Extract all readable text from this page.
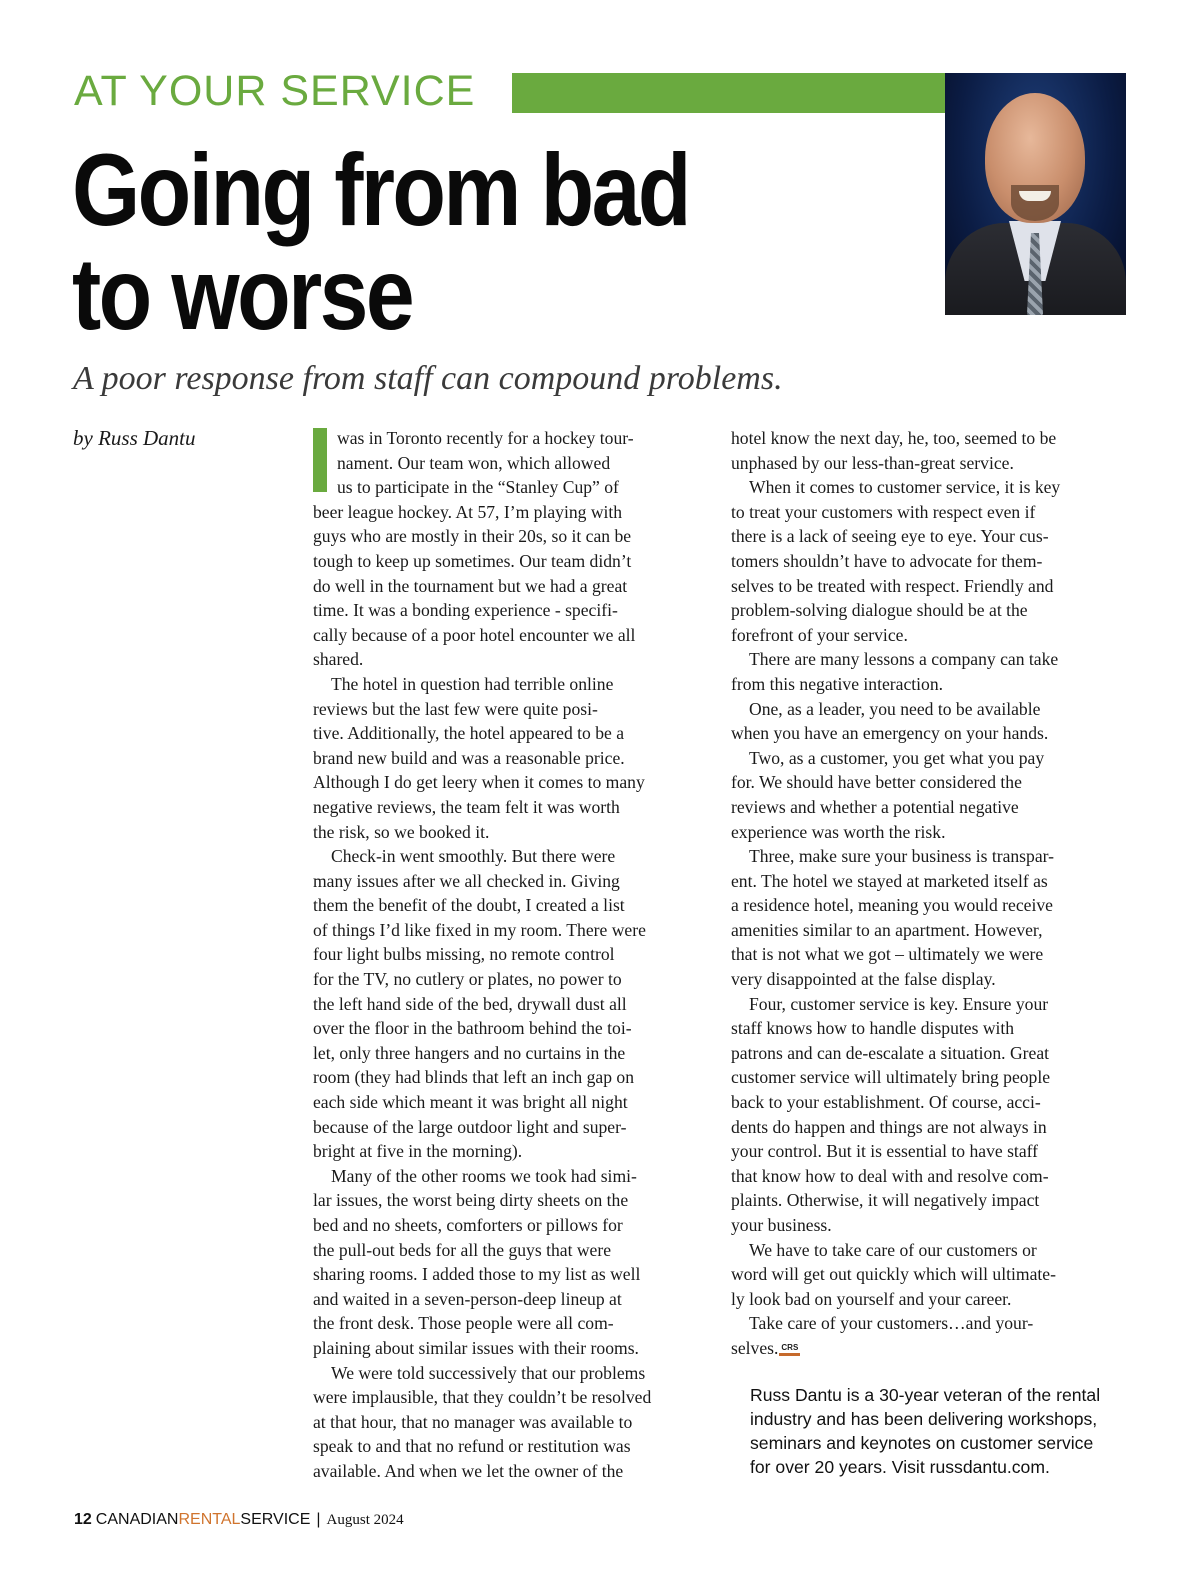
AT YOUR SERVICE
Going from bad
to worse

A poor response from staff can compound problems.

by Russ Dantu	was in Toronto recently for a hockey tour-
nament. Our team won, which allowed
us to participate in the “Stanley Cup” of
beer league hockey. At 57, I’m playing with
guys who are mostly in their 20s, so it can be
tough to keep up sometimes. Our team didn’t
do well in the tournament but we had a great
time. It was a bonding experience - specifi-
cally because of a poor hotel encounter we all
shared.
The hotel in question had terrible online
reviews but the last few were quite posi-
tive. Additionally, the hotel appeared to be a
brand new build and was a reasonable price.
Although I do get leery when it comes to many
negative reviews, the team felt it was worth
the risk, so we booked it.
Check-in went smoothly. But there were
many issues after we all checked in. Giving
them the benefit of the doubt, I created a list
of things I’d like fixed in my room. There were
four light bulbs missing, no remote control
for the TV, no cutlery or plates, no power to
the left hand side of the bed, drywall dust all
over the floor in the bathroom behind the toi-
let, only three hangers and no curtains in the
room (they had blinds that left an inch gap on
each side which meant it was bright all night
because of the large outdoor light and super-
bright at five in the morning).
Many of the other rooms we took had simi-
lar issues, the worst being dirty sheets on the
bed and no sheets, comforters or pillows for
the pull-out beds for all the guys that were
sharing rooms. I added those to my list as well
and waited in a seven-person-deep lineup at
the front desk. Those people were all com-
plaining about similar issues with their rooms.
We were told successively that our problems
were implausible, that they couldn’t be resolved
at that hour, that no manager was available to
speak to and that no refund or restitution was
available. And when we let the owner of the
hotel know the next day, he, too, seemed to be
unphased by our less-than-great service.
When it comes to customer service, it is key
to treat your customers with respect even if
there is a lack of seeing eye to eye. Your cus-
tomers shouldn’t have to advocate for them-
selves to be treated with respect. Friendly and
problem-solving dialogue should be at the
forefront of your service.
There are many lessons a company can take
from this negative interaction.
One, as a leader, you need to be available
when you have an emergency on your hands.
Two, as a customer, you get what you pay
for. We should have better considered the
reviews and whether a potential negative
experience was worth the risk.
Three, make sure your business is transpar-
ent. The hotel we stayed at marketed itself as
a residence hotel, meaning you would receive
amenities similar to an apartment. However,
that is not what we got – ultimately we were
very disappointed at the false display.
Four, customer service is key. Ensure your
staff knows how to handle disputes with
patrons and can de-escalate a situation. Great
customer service will ultimately bring people
back to your establishment. Of course, acci-
dents do happen and things are not always in
your control. But it is essential to have staff
that know how to deal with and resolve com-
plaints. Otherwise, it will negatively impact
your business.
We have to take care of our customers or
word will get out quickly which will ultimate-
ly look bad on yourself and your career.
Take care of your customers…and your-
selves. CRS
Russ Dantu is a 30-year veteran of the rental
industry and has been delivering workshops,
seminars and keynotes on customer service
for over 20 years. Visit russdantu.com.
12 CANADIANRENTALSERVICE | August 2024
